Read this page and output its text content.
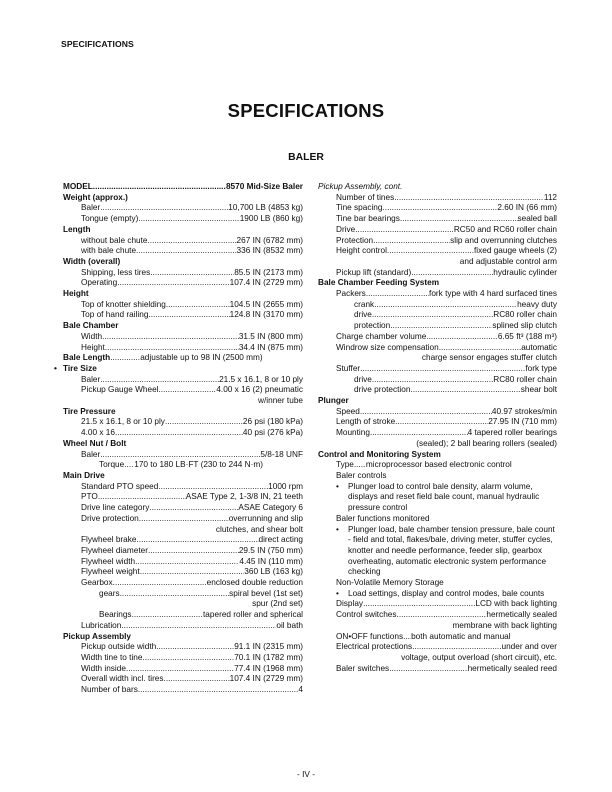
SPECIFICATIONS
SPECIFICATIONS
BALER
MODEL .....	8570 Mid-Size Baler
Weight (approx.)
Baler .....	10,700 LB (4853 kg)
Tongue (empty) .....	1900 LB (860 kg)
Length
without bale chute .....	267 IN (6782 mm)
with bale chute .....	336 IN (8532 mm)
Width (overall)
Shipping, less tires .....	85.5 IN (2173 mm)
Operating .....	107.4 IN (2729 mm)
Height
Top of knotter shielding .....	104.5 IN (2655 mm)
Top of hand railing .....	124.8 IN (3170 mm)
Bale Chamber
Width .....	31.5 IN (800 mm)
Height .....	34.4 IN (875 mm)
Bale Length .....	adjustable up to 98 IN (2500 mm)
• Tire Size
Baler .....	21.5 x 16.1, 8 or 10 ply
Pickup Gauge Wheel .....	4.00 x 16 (2) pneumatic
w/inner tube
Tire Pressure
21.5 x 16.1, 8 or 10 ply .....	26 psi (180 kPa)
4.00 x 16 .....	40 psi (276 kPa)
Wheel Nut / Bolt
Baler .....	5/8-18 UNF
Torque ..... 170 to 180 LB·FT (230 to 244 N·m)
Main Drive
Standard PTO speed .....	1000 rpm
PTO .....	ASAE Type 2, 1-3/8 IN, 21 teeth
Drive line category .....	ASAE Category 6
Drive protection .....	overrunning and slip
clutches, and shear bolt
Flywheel brake .....	direct acting
Flywheel diameter .....	29.5 IN (750 mm)
Flywheel width .....	4.45 IN (110 mm)
Flywheel weight .....	360 LB (163 kg)
Gearbox .....	enclosed double reduction
gears .....	spiral bevel (1st set)
spur (2nd set)
Bearings .....	tapered roller and spherical
Lubrication .....	oil bath
Pickup Assembly
Pickup outside width .....	91.1 IN (2315 mm)
Width tine to tine .....	70.1 IN (1782 mm)
Width inside .....	77.4 IN (1968 mm)
Overall width incl. tires .....	107.4 IN (2729 mm)
Number of bars .....	4
Pickup Assembly, cont.
Number of tines .....	112
Tine spacing .....	2.60 IN (66 mm)
Tine bar bearings .....	sealed ball
Drive .....	RC50 and RC60 roller chain
Protection .....	slip and overrunning clutches
Height control .....	fixed gauge wheels (2)
and adjustable control arm
Pickup lift (standard) .....	hydraulic cylinder
Bale Chamber Feeding System
Packers .....	fork type with 4 hard surfaced tines
crank .....	heavy duty
drive .....	RC80 roller chain
protection .....	splined slip clutch
Charge chamber volume .....	6.65 ft³ (188 m³)
Windrow size compensation .....	automatic
charge sensor engages stuffer clutch
Stuffer .....	fork type
drive .....	RC80 roller chain
drive protection .....	shear bolt
Plunger
Speed .....	40.97 strokes/min
Length of stroke .....	27.95 IN (710 mm)
Mounting .....	4 tapered roller bearings
(sealed); 2 ball bearing rollers (sealed)
Control and Monitoring System
Type ..... microprocessor based electronic control
Baler controls
• Plunger load to control bale density, alarm volume, displays and reset field bale count, manual hydraulic pressure control
Baler functions monitored
• Plunger load, bale chamber tension pressure, bale count - field and total, flakes/bale, driving meter, stuffer cycles, knotter and needle performance, feeder slip, gearbox overheating, automatic electronic system performance checking
Non-Volatile Memory Storage
• Load settings, display and control modes, bale counts
Display .....	LCD with back lighting
Control switches .....	hermetically sealed
membrane with back lighting
ON•OFF functions ..... both automatic and manual
Electrical protections .....	under and over
voltage, output overload (short circuit), etc.
Baler switches .....	hermetically sealed reed
- IV -
